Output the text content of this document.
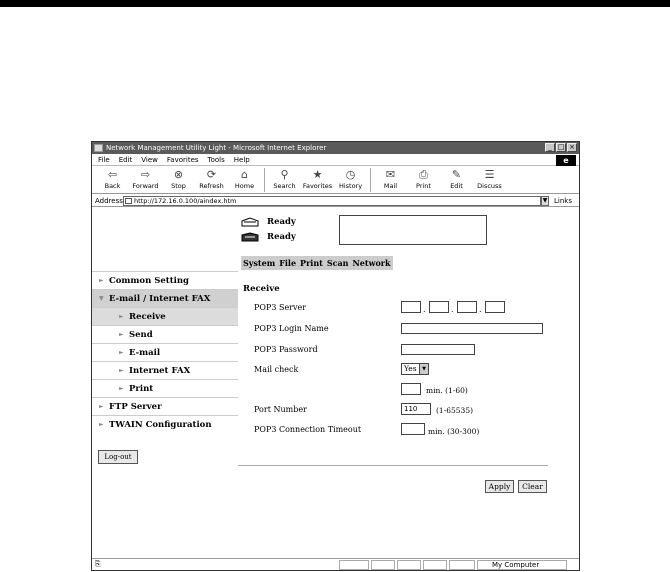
Network Management Utility Light - Microsoft Internet Explorer	_ □ ×
File Edit View Favorites Tools Help	e
⇦
Back
⇨
Forward
⊗
Stop
⟳
Refresh
⌂
Home
⚲
Search
★
Favorites
◷
History
✉
Mail
⎙
Print
✎
Edit
☰
Discuss
Address	http://172.16.0.100/aindex.htm	▼ Links
► Common Setting
▼ E-mail / Internet FAX
► Receive
► Send
► E-mail
► Internet FAX
► Print
► FTP Server
► TWAIN Configuration
Log-out
Ready
Ready
System File Print Scan Network
Receive
POP3 Server	.	.	.
POP3 Login Name
POP3 Password
Mail check	Yes	▼
min. (1-60)
Port Number	110	(1-65535)
POP3 Connection Timeout	min. (30-300)
Apply	Clear
⎘	My Computer
